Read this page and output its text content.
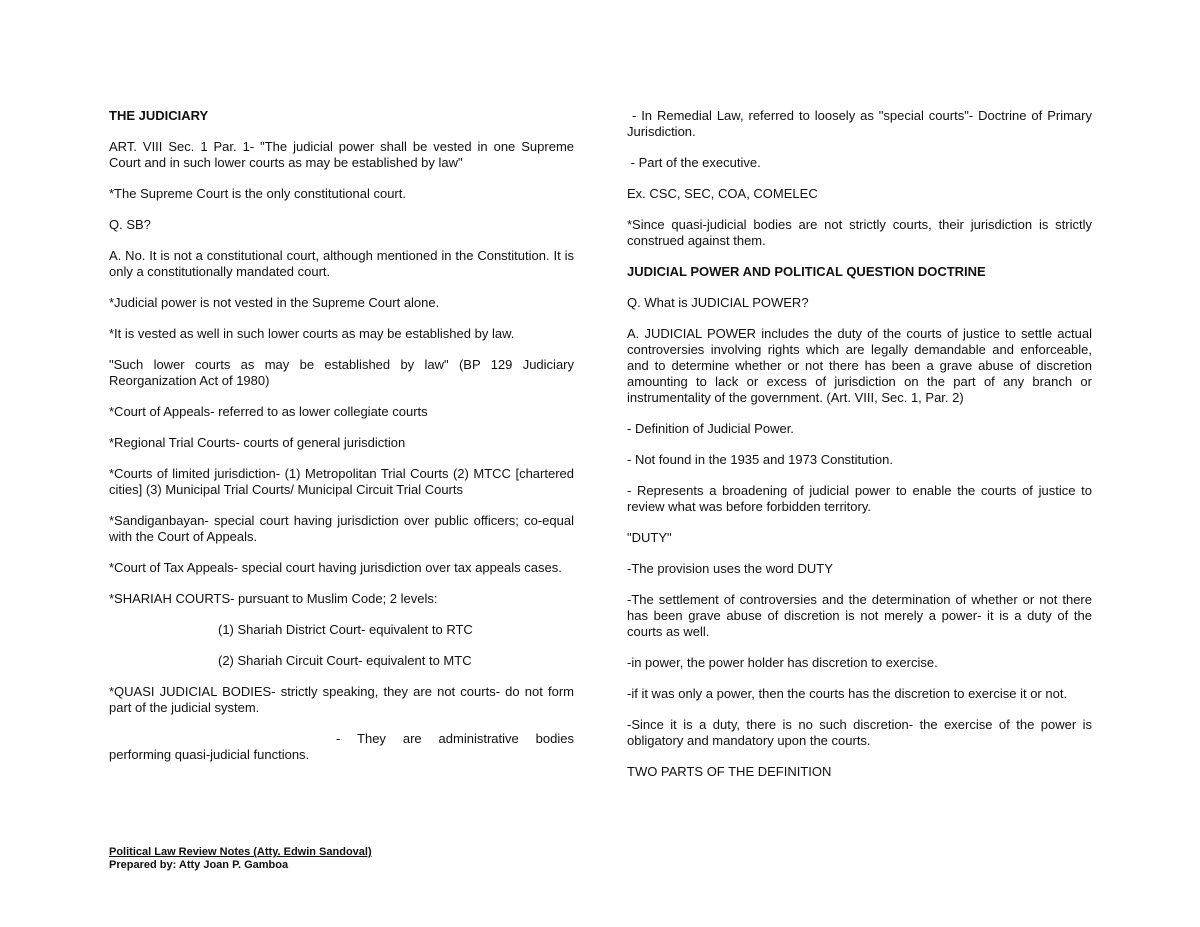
THE JUDICIARY

ART. VIII Sec. 1 Par. 1- "The judicial power shall be vested in one Supreme Court and in such lower courts as may be established by law"

*The Supreme Court is the only constitutional court.

Q. SB?

A. No. It is not a constitutional court, although mentioned in the Constitution. It is only a constitutionally mandated court.

*Judicial power is not vested in the Supreme Court alone.

*It is vested as well in such lower courts as may be established by law.

"Such lower courts as may be established by law" (BP 129 Judiciary Reorganization Act of 1980)

*Court of Appeals- referred to as lower collegiate courts

*Regional Trial Courts- courts of general jurisdiction

*Courts of limited jurisdiction- (1) Metropolitan Trial Courts (2) MTCC [chartered cities] (3) Municipal Trial Courts/ Municipal Circuit Trial Courts

*Sandiganbayan- special court having jurisdiction over public officers; co-equal with the Court of Appeals.

*Court of Tax Appeals- special court having jurisdiction over tax appeals cases.

*SHARIAH COURTS- pursuant to Muslim Code; 2 levels:

(1) Shariah District Court- equivalent to RTC

(2) Shariah Circuit Court- equivalent to MTC

*QUASI JUDICIAL BODIES- strictly speaking, they are not courts- do not form part of the judicial system.

- They are administrative bodies

performing quasi-judicial functions.

- In Remedial Law, referred to loosely as "special courts"- Doctrine of Primary Jurisdiction.

- Part of the executive.

Ex. CSC, SEC, COA, COMELEC

*Since quasi-judicial bodies are not strictly courts, their jurisdiction is strictly construed against them.

JUDICIAL POWER AND POLITICAL QUESTION DOCTRINE

Q. What is JUDICIAL POWER?

A. JUDICIAL POWER includes the duty of the courts of justice to settle actual controversies involving rights which are legally demandable and enforceable, and to determine whether or not there has been a grave abuse of discretion amounting to lack or excess of jurisdiction on the part of any branch or instrumentality of the government. (Art. VIII, Sec. 1, Par. 2)

- Definition of Judicial Power.

- Not found in the 1935 and 1973 Constitution.

- Represents a broadening of judicial power to enable the courts of justice to review what was before forbidden territory.

"DUTY"

-The provision uses the word DUTY

-The settlement of controversies and the determination of whether or not there has been grave abuse of discretion is not merely a power- it is a duty of the courts as well.

-in power, the power holder has discretion to exercise.

-if it was only a power, then the courts has the discretion to exercise it or not.

-Since it is a duty, there is no such discretion- the exercise of the power is obligatory and mandatory upon the courts.

TWO PARTS OF THE DEFINITION

Political Law Review Notes (Atty. Edwin Sandoval)
Prepared by: Atty Joan P. Gamboa
